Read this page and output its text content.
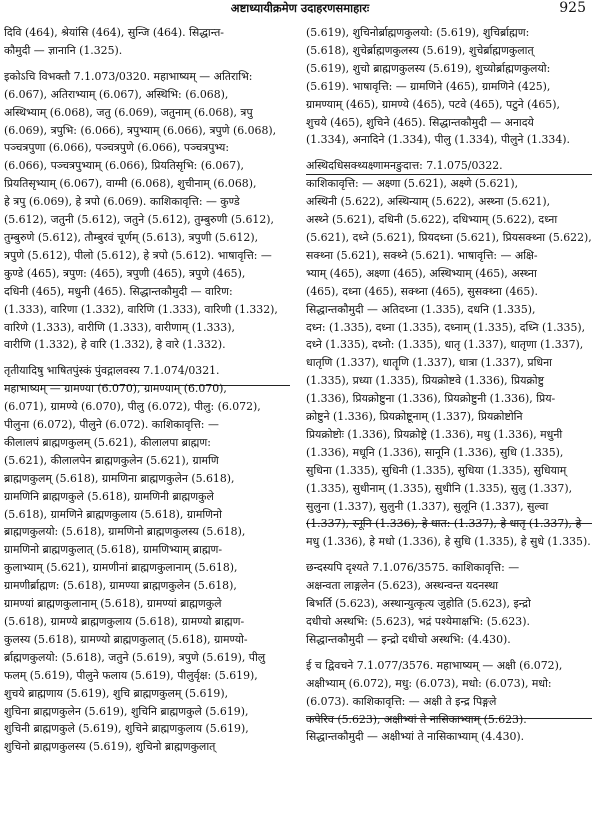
अष्टाध्यायीक्रमेण उदाहरणसमाहारः	925

दिवि (464), श्रेयांसि (464), सुन्जि (464). सिद्धान्त-

कौमुदी — ज्ञानानि (1.325).

इकोऽचि विभक्तौ 7.1.073/0320. महाभाष्यम् — अतिराभि:

(6.067), अतिराभ्याम् (6.067), अस्थिभि: (6.068),

अस्थिभ्याम् (6.068), जतु (6.069), जतुनाम् (6.068), त्रपु

(6.069), त्रपुभि: (6.066), त्रपुभ्याम् (6.066), त्रपुणे (6.068),

पञ्चत्रपुणा (6.066), पञ्चत्रपुणे (6.066), पञ्चत्रपुभ्य:

(6.066), पञ्चत्रपुभ्याम् (6.066), प्रियतिसृभि: (6.067),

प्रियतिसृभ्याम् (6.067), वाग्मी (6.068), शुचीनाम् (6.068),

हे त्रपु (6.069), हे त्रपो (6.069). काशिकावृत्ति: — कुण्डे

(5.612), जतुनी (5.612), जतुने (5.612), तुम्बुरुणी (5.612),

तुम्बुरुणे (5.612), तौम्बुरवं चूर्णम् (5.613), त्रपुणी (5.612),

त्रपुणे (5.612), पीलो (5.612), हे त्रपो (5.612). भाषावृत्ति: —

कुण्डे (465), त्रपुण: (465), त्रपुणी (465), त्रपुणे (465),

दधिनी (465), मधुनी (465). सिद्धान्तकौमुदी — वारिण:

(1.333), वारिणा (1.332), वारिणि (1.333), वारिणी (1.332),

वारिणे (1.333), वारीणि (1.333), वारीणाम् (1.333),

वारीणि (1.332), हे वारि (1.332), हे वारे (1.332).

तृतीयादिषु भाषितपुंस्कं पुंवद्गालवस्य 7.1.074/0321.

महाभाष्यम् — ग्रामण्या (6.070), ग्रामण्याम् (6.070),

(6.071), ग्रामण्ये (6.070), पीलु (6.072), पीलु: (6.072),

पीलुना (6.072), पीलुने (6.072). काशिकावृत्ति: —

कीलालपं ब्राह्मणकुलम् (5.621), कीलालपा ब्राह्मण:

(5.621), कीलालपेन ब्राह्मणकुलेन (5.621), ग्रामणि

ब्राह्मणकुलम् (5.618), ग्रामणिना ब्राह्मणकुलेन (5.618),

ग्रामणिनि ब्राह्मणकुले (5.618), ग्रामणिनी ब्राह्मणकुले

(5.618), ग्रामणिने ब्राह्मणकुलाय (5.618), ग्रामणिनो

ब्राह्मणकुलयो: (5.618), ग्रामणिनो ब्राह्मणकुलस्य (5.618),

ग्रामणिनो ब्राह्मणकुलात् (5.618), ग्रामणिभ्याम् ब्राह्मण-

कुलाभ्याम् (5.621), ग्रामणीनां ब्राह्मणकुलानाम् (5.618),

ग्रामणीर्ब्राह्मण: (5.618), ग्रामण्या ब्राह्मणकुलेन (5.618),

ग्रामण्यां ब्राह्मणकुलानाम् (5.618), ग्रामण्यां ब्राह्मणकुले

(5.618), ग्रामण्ये ब्राह्मणकुलाय (5.618), ग्रामण्यो ब्राह्मण-

कुलस्य (5.618), ग्रामण्यो ब्राह्मणकुलात् (5.618), ग्रामण्यो-

र्ब्राह्मणकुलयो: (5.618), जतुने (5.619), त्रपुणे (5.619), पीलु

फलम् (5.619), पीलुने फलाय (5.619), पीलुर्वृक्ष: (5.619),

शुचये ब्राह्मणाय (5.619), शुचि ब्राह्मणकुलम् (5.619),

शुचिना ब्राह्मणकुलेन (5.619), शुचिनि ब्राह्मणकुले (5.619),

शुचिनी ब्राह्मणकुले (5.619), शुचिने ब्राह्मणकुलाय (5.619),

शुचिनो ब्राह्मणकुलस्य (5.619), शुचिनो ब्राह्मणकुलात्

(5.619), शुचिनोर्ब्राह्मणकुलयो: (5.619), शुचिर्ब्राह्मण:

(5.618), शुचेर्ब्राह्मणकुलस्य (5.619), शुचेर्ब्राह्मणकुलात्

(5.619), शुचो ब्राह्मणकुलस्य (5.619), शुच्योर्ब्राह्मणकुलयो:

(5.619). भाषावृत्ति: — ग्रामणिने (465), ग्रामणिने (425),

ग्रामण्याम् (465), ग्रामण्ये (465), पटवे (465), पटुने (465),

शुचये (465), शुचिने (465). सिद्धान्तकौमुदी — अनादये

(1.334), अनादिने (1.334), पीलु (1.334), पीलुने (1.334).

अस्थिदधिसक्थ्यक्ष्णामनङुदात्त: 7.1.075/0322.

काशिकावृत्ति: — अक्ष्णा (5.621), अक्ष्णे (5.621),

अस्थिनी (5.622), अस्थिन्याम् (5.622), अस्थ्ना (5.621),

अस्थ्ने (5.621), दधिनी (5.622), दधिभ्याम् (5.622), दध्ना

(5.621), दध्ने (5.621), प्रियदध्ना (5.621), प्रियसक्थ्ना (5.622),

सक्थ्ना (5.621), सक्थ्ने (5.621). भाषावृत्ति: — अक्षि-

भ्याम् (465), अक्ष्णा (465), अस्थिभ्याम् (465), अस्थ्ना

(465), दध्ना (465), सक्थ्ना (465), सुसक्थ्ना (465).

सिद्धान्तकौमुदी — अतिदध्ना (1.335), दधनि (1.335),

दध्न: (1.335), दध्ना (1.335), दध्नाम् (1.335), दध्नि (1.335),

दध्ने (1.335), दध्नो: (1.335), धातृ (1.337), धातृणा (1.337),

धातृणि (1.337), धातॄणि (1.337), धात्रा (1.337), प्रधिना

(1.335), प्रध्या (1.335), प्रियक्रोष्टवे (1.336), प्रियक्रोष्टु

(1.336), प्रियक्रोष्टुना (1.336), प्रियक्रोष्टुनी (1.336), प्रिय-

क्रोष्टुने (1.336), प्रियक्रोष्टूनाम् (1.337), प्रियक्रोष्टोनि

प्रियक्रोष्टोः (1.336), प्रियक्रोष्ट्रे (1.336), मधु (1.336), मधुनी

(1.336), मधूनि (1.336), सानूनि (1.336), सुधि (1.335),

सुधिना (1.335), सुधिनी (1.335), सुधिया (1.335), सुधियाम्

(1.335), सुधीनाम् (1.335), सुधीनि (1.335), सुलु (1.337),

सुलुना (1.337), सुलुनी (1.337), सुलूनि (1.337), सुल्वा

(1.337), स्नूनि (1.336), हे धात: (1.337), हे धातृ (1.337), हे

मधु (1.336), हे मधो (1.336), हे सुधि (1.335), हे सुधे (1.335).

छन्दस्यपि दृश्यते 7.1.076/3575. काशिकावृत्ति: —

अक्षन्वता लाङ्गलेन (5.623), अस्थन्वन्त यदनस्था

बिभर्ति (5.623), अस्थान्युत्कृत्य जुहोति (5.623), इन्द्रो

दधीचो अस्थभि: (5.623), भद्रं पश्येमाक्षभि: (5.623).

सिद्धान्तकौमुदी — इन्द्रो दधीचो अस्थभि: (4.430).

ई च द्विवचने 7.1.077/3576. महाभाष्यम् — अक्षी (6.072),

अक्षीभ्याम् (6.072), मधु: (6.073), मधो: (6.073), मधो:

(6.073). काशिकावृत्ति: — अक्षी ते इन्द्र पिङ्गले

कपेरिव (5.623), अक्षीभ्यां ते नासिकाभ्याम् (5.623).

सिद्धान्तकौमुदी — अक्षीभ्यां ते नासिकाभ्याम् (4.430).
